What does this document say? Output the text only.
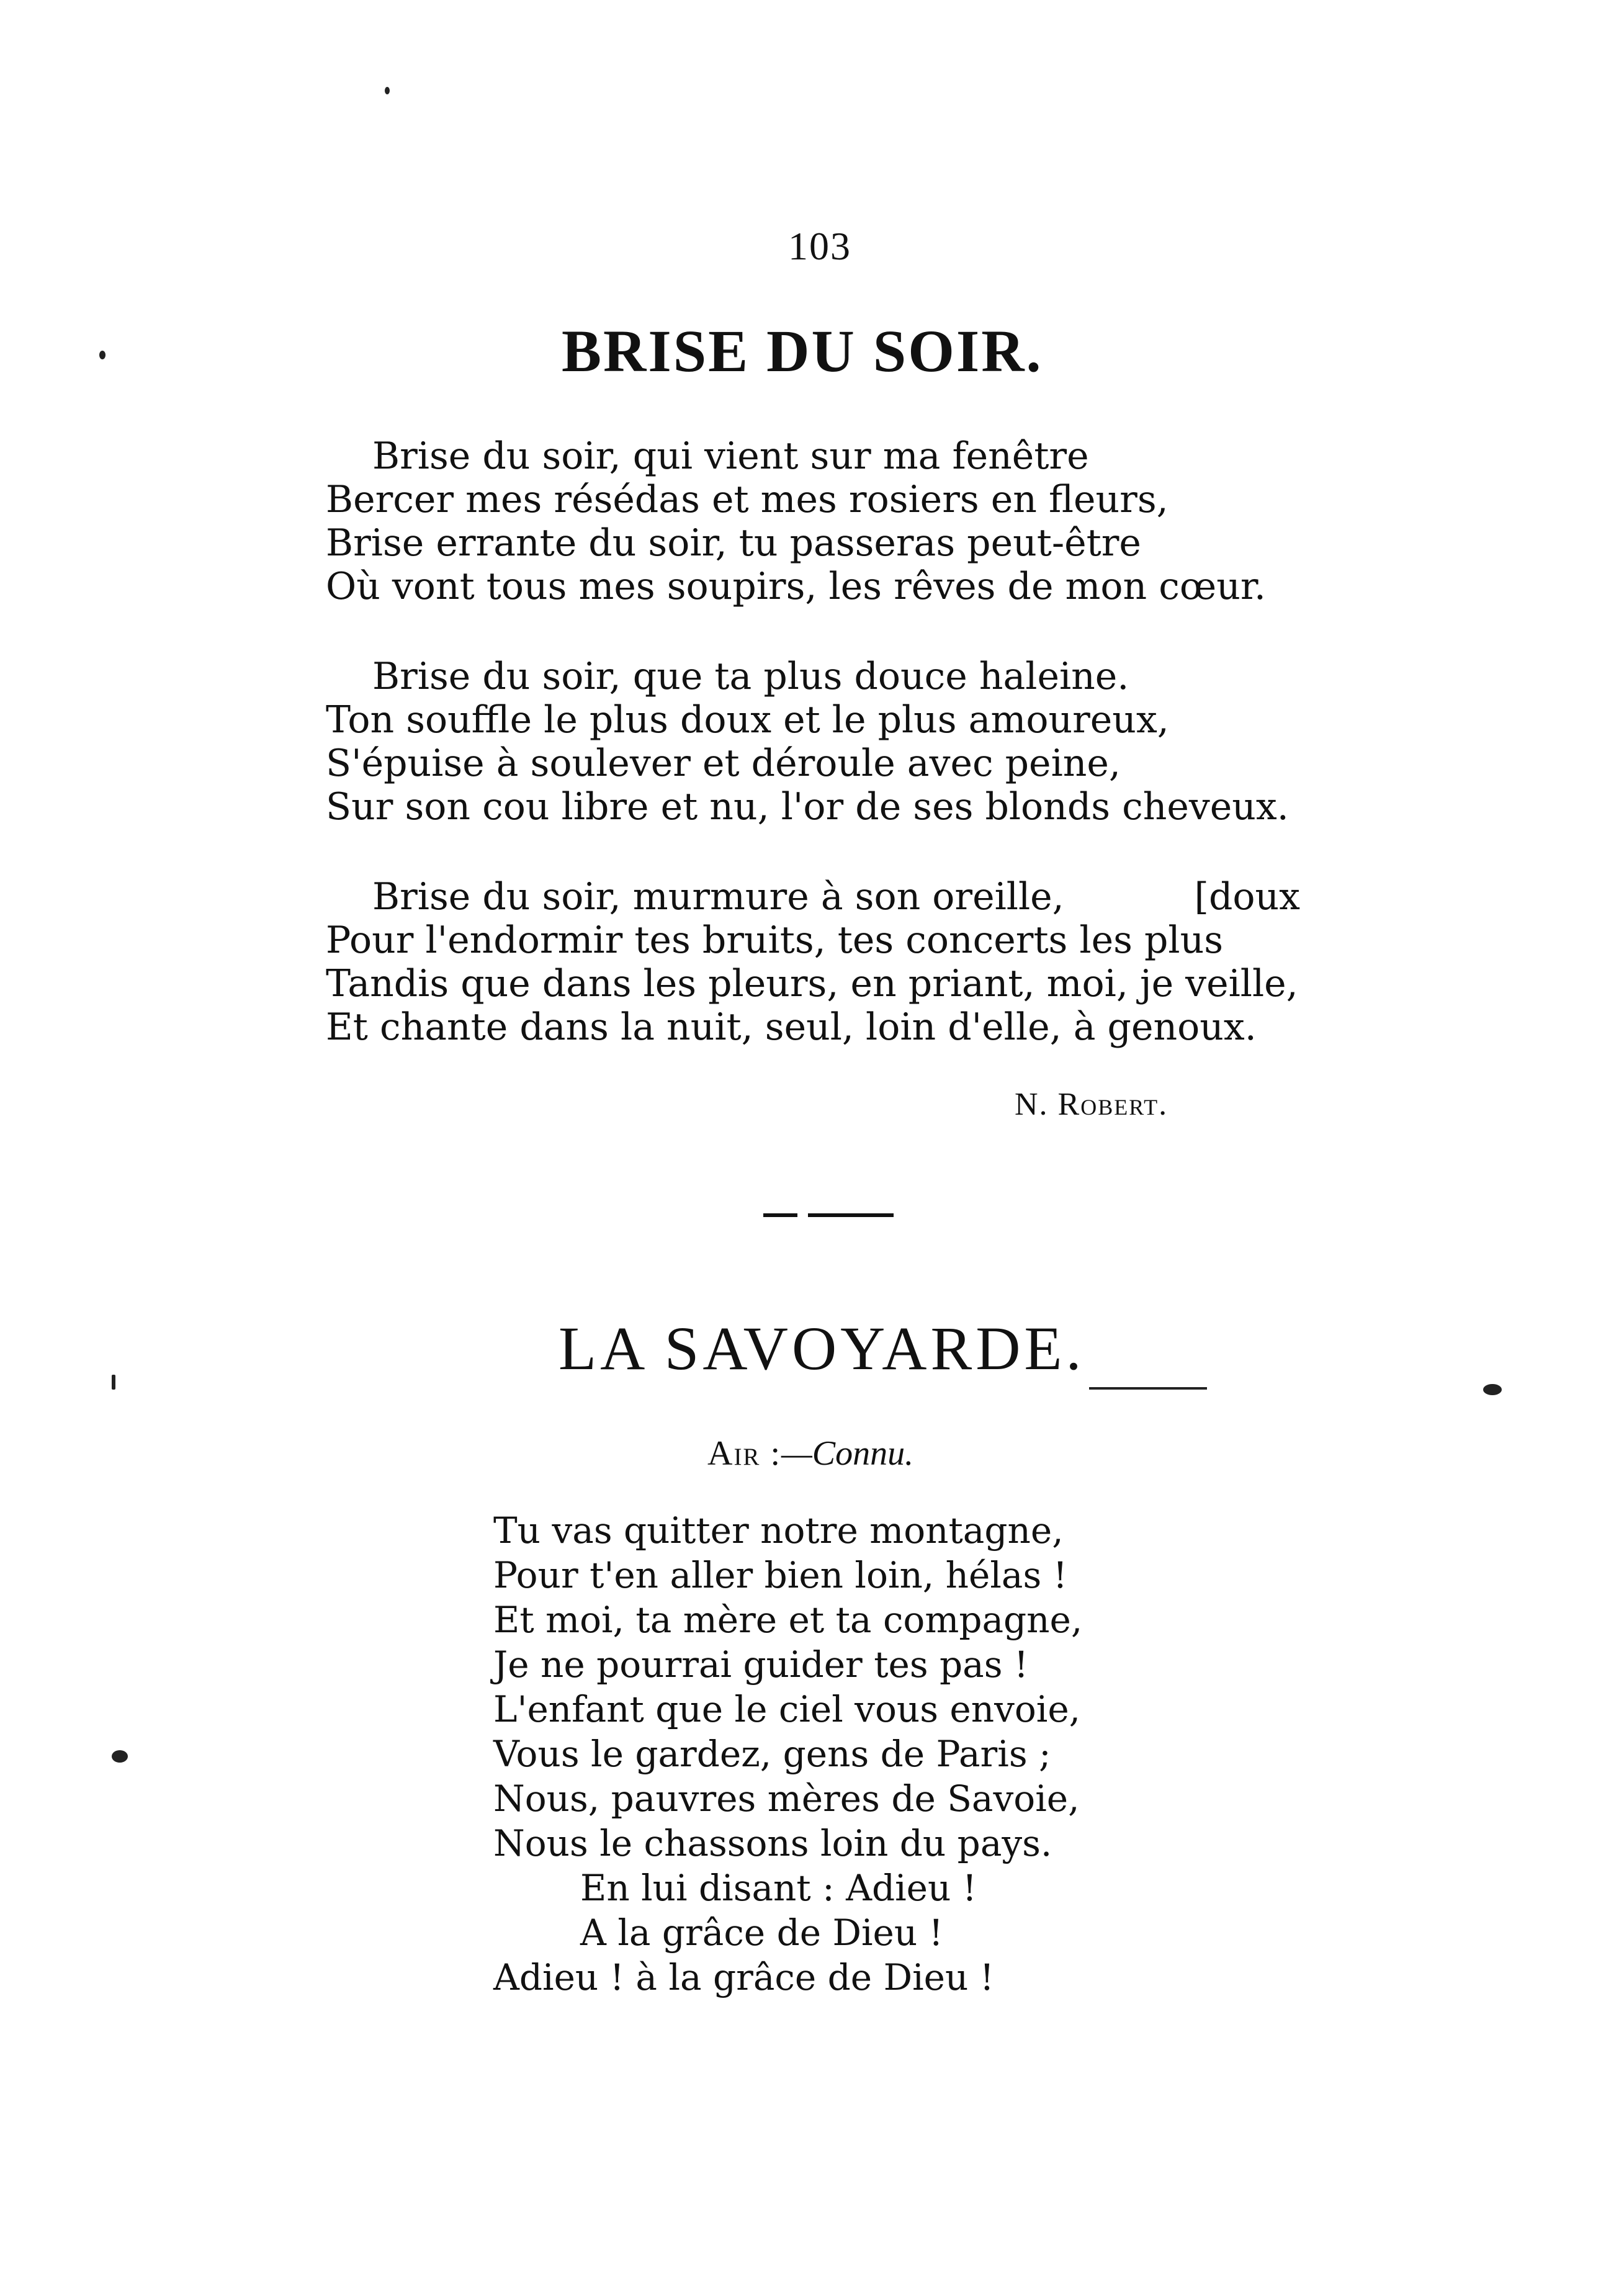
103
BRISE DU SOIR.
Brise du soir, qui vient sur ma fenêtre
Bercer mes résédas et mes rosiers en fleurs,
Brise errante du soir, tu passeras peut-être
Où vont tous mes soupirs, les rêves de mon cœur.
Brise du soir, que ta plus douce haleine.
Ton souffle le plus doux et le plus amoureux,
S'épuise à soulever et déroule avec peine,
Sur son cou libre et nu, l'or de ses blonds cheveux.
Brise du soir, murmure à son oreille,           [doux
Pour l'endormir tes bruits, tes concerts les plus
Tandis que dans les pleurs, en priant, moi, je veille,
Et chante dans la nuit, seul, loin d'elle, à genoux.
N. Robert.
LA SAVOYARDE.
Air :—Connu.
Tu vas quitter notre montagne,
Pour t'en aller bien loin, hélas !
Et moi, ta mère et ta compagne,
Je ne pourrai guider tes pas !
L'enfant que le ciel vous envoie,
Vous le gardez, gens de Paris ;
Nous, pauvres mères de Savoie,
Nous le chassons loin du pays.
En lui disant : Adieu !
A la grâce de Dieu !
Adieu ! à la grâce de Dieu !
